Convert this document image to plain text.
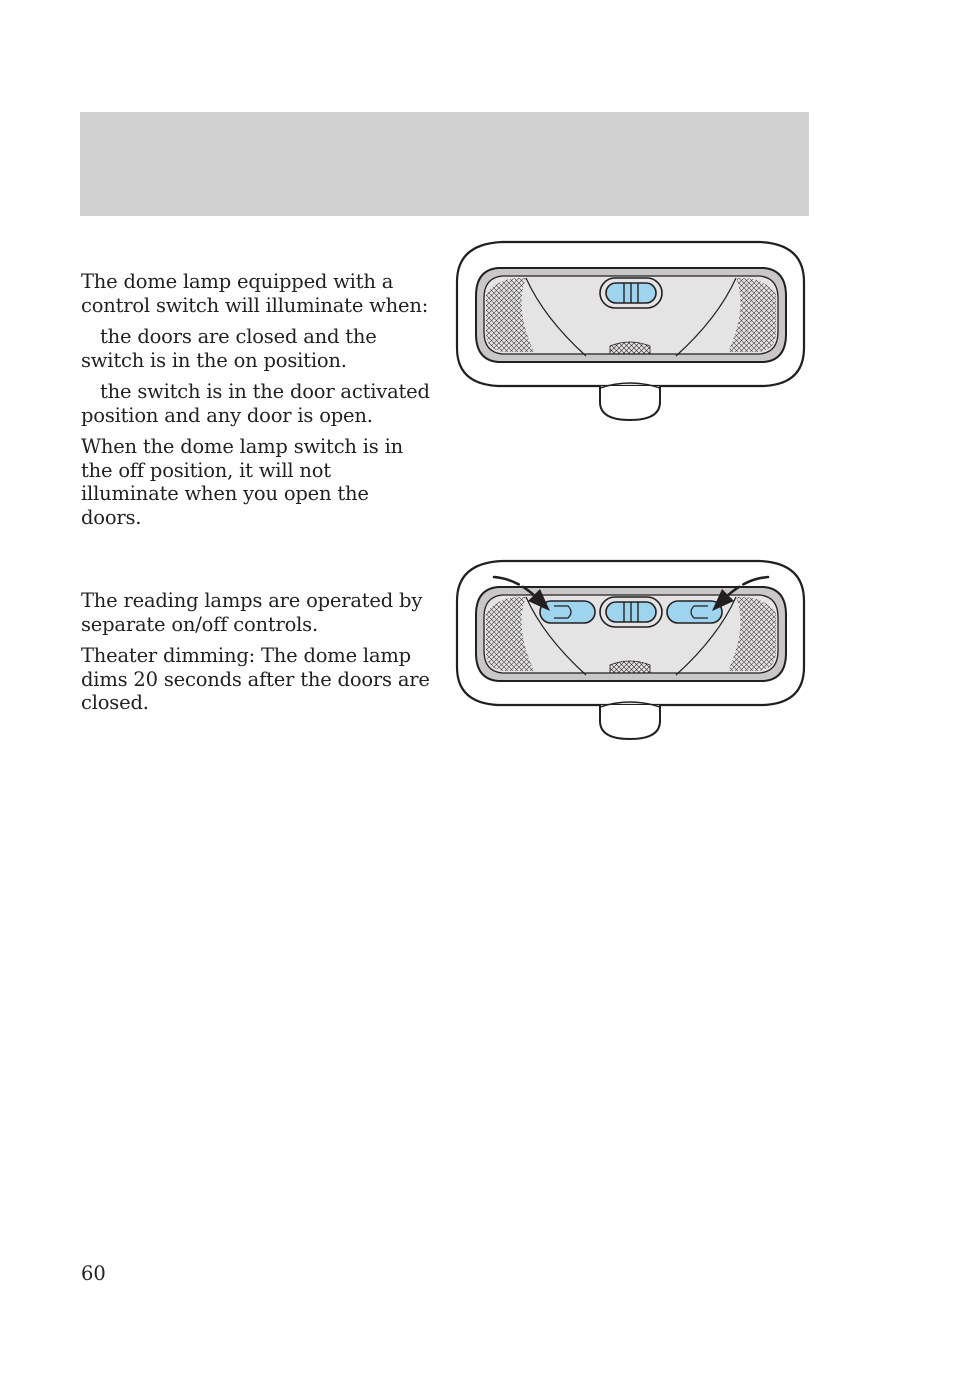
The dome lamp equipped with a
control switch will illuminate when:

the doors are closed and the
switch is in the on position.

the switch is in the door activated
position and any door is open.

When the dome lamp switch is in
the off position, it will not
illuminate when you open the
doors.

The reading lamps are operated by
separate on/off controls.

Theater dimming: The dome lamp
dims 20 seconds after the doors are
closed.

60
